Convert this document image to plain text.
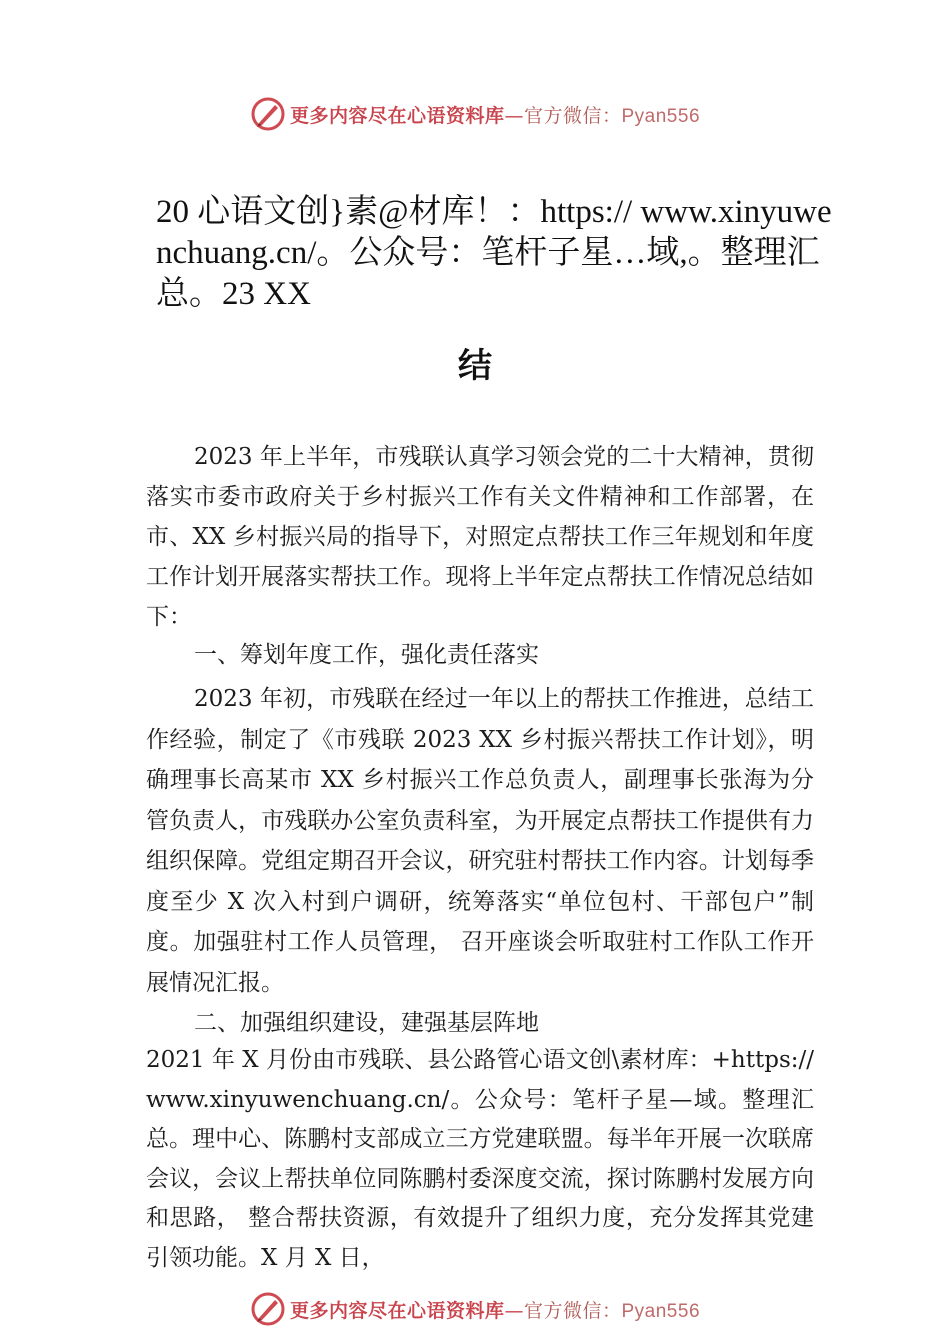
更多内容尽在心语资料库—官方微信：Pyan556
20 心语文创}素@材库！：https:// www.xinyuwenchuang.cn/。公众号：笔杆子星…域,。整理汇总。23 XX
结

2023 年上半年，市残联认真学习领会党的二十大精神，贯彻落实市委市政府关于乡村振兴工作有关文件精神和工作部署，在市、XX 乡村振兴局的指导下，对照定点帮扶工作三年规划和年度工作计划开展落实帮扶工作。现将上半年定点帮扶工作情况总结如下：

一、筹划年度工作，强化责任落实

2023 年初，市残联在经过一年以上的帮扶工作推进，总结工作经验，制定了《市残联 2023 XX 乡村振兴帮扶工作计划》，明确理事长高某市 XX 乡村振兴工作总负责人，副理事长张海为分管负责人，市残联办公室负责科室，为开展定点帮扶工作提供有力组织保障。党组定期召开会议，研究驻村帮扶工作内容。计划每季度至少 X 次入村到户调研，统筹落实“单位包村、干部包户”制度。加强驻村工作人员管理， 召开座谈会听取驻村工作队工作开展情况汇报。

二、加强组织建设，建强基层阵地

2021 年 X 月份由市残联、县公路管心语文创\素材库：+https://www.xinyuwenchuang.cn/。公众号：笔杆子星—域。整理汇总。理中心、陈鹏村支部成立三方党建联盟。每半年开展一次联席会议，会议上帮扶单位同陈鹏村委深度交流，探讨陈鹏村发展方向和思路， 整合帮扶资源，有效提升了组织力度，充分发挥其党建引领功能。X 月 X 日，

更多内容尽在心语资料库—官方微信：Pyan556
